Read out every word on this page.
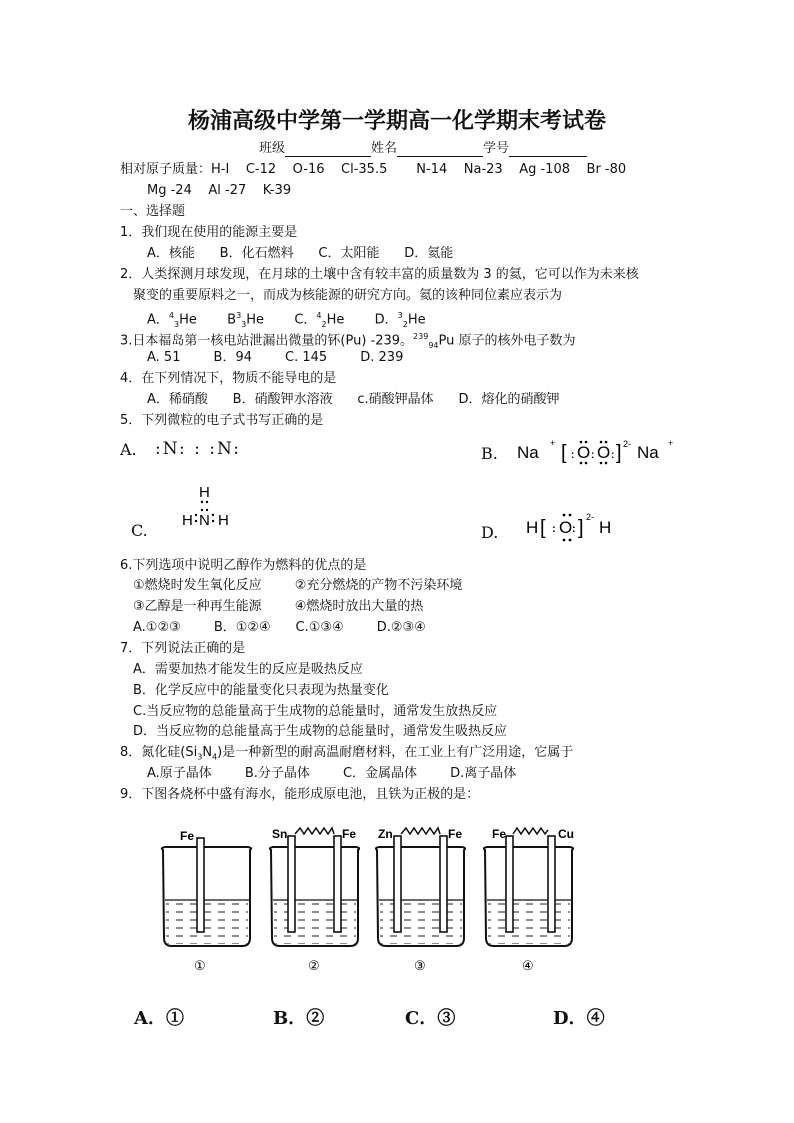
杨浦高级中学第一学期高一化学期末考试卷
班级	姓名	学号
相对原子质量：H-I    C-12    O-16    Cl-35.5       N-14    Na-23    Ag -108    Br -80
Mg -24    Al -27    K-39
一、选择题
1．我们现在使用的能源主要是
A．核能      B．化石燃料      C．太阳能      D．氦能
2．人类探测月球发现，在月球的土壤中含有较丰富的质量数为 3 的氦，它可以作为未来核
聚变的重要原料之一，而成为核能源的研究方向。氦的该种同位素应表示为
A．$^4_3$He $B^3_3He$ C．$^4_2$He D．$^3_2$He
3.日本福岛第一核电站泄漏出微量的钚(Pu) -239。$^{239}_{94}$Pu 原子的核外电子数为
A. 51        B．94        C. 145        D. 239
4．在下列情况下，物质不能导电的是
A．稀硝酸      B．硝酸钾水溶液      c.硝酸钾晶体      D．熔化的硝酸钾
5．下列微粒的电子式书写正确的是
A. :N: : :N:	B. Na + [ : O : O : ] 2- Na +
C.
H
H N H
D. H [ : O : ] 2-
H
6.下列选项中说明乙醇作为燃料的优点的是
①燃烧时发生氧化反应        ②充分燃烧的产物不污染环境
③乙醇是一种再生能源        ④燃烧时放出大量的热
A.①②③        B．①②④      C.①③④        D.②③④
7．下列说法正确的是
A．需要加热才能发生的反应是吸热反应
B．化学反应中的能量变化只表现为热量变化
C.当反应物的总能量高于生成物的总能量时，通常发生放热反应
D．当反应物的总能量高于生成物的总能量时，通常发生吸热反应
8．氮化硅$(Si_3N_4)$是一种新型的耐高温耐磨材料，在工业上有广泛用途，它属于
A.原子晶体        B.分子晶体        C．金属晶体        D.离子晶体
9．下图各烧杯中盛有海水，能形成原电池，且铁为正极的是：
Fe
①
Sn	Fe
②
Zn	Fe
③
Fe	Cu
④
A．①	B．②	C．③	D．④
